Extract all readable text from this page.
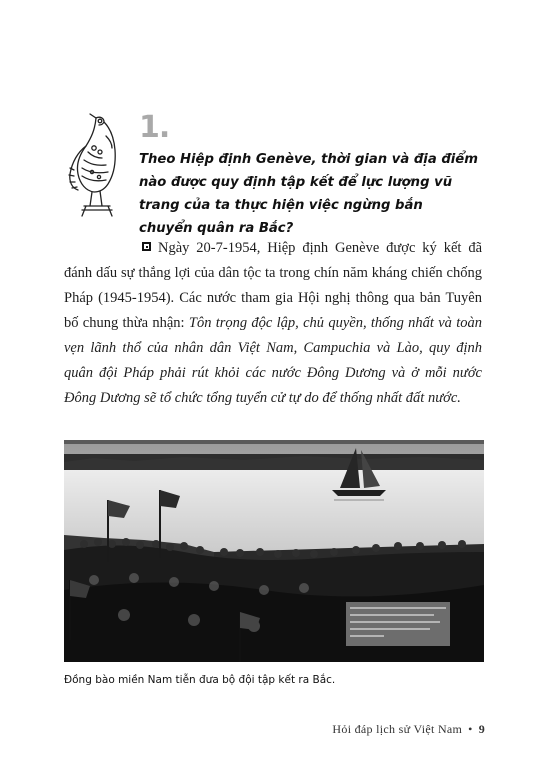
1.
Theo Hiệp định Genève, thời gian và địa điểm nào được quy định tập kết để lực lượng vũ trang của ta thực hiện việc ngừng bắn chuyển quân ra Bắc?
Ngày 20-7-1954, Hiệp định Genève được ký kết đã đánh dấu sự thắng lợi của dân tộc ta trong chín năm kháng chiến chống Pháp (1945-1954). Các nước tham gia Hội nghị thông qua bản Tuyên bố chung thừa nhận: Tôn trọng độc lập, chủ quyền, thống nhất và toàn vẹn lãnh thổ của nhân dân Việt Nam, Campuchia và Lào, quy định quân đội Pháp phải rút khỏi các nước Đông Dương và ở mỗi nước Đông Dương sẽ tổ chức tổng tuyển cử tự do để thống nhất đất nước.
Đồng bào miền Nam tiễn đưa bộ đội tập kết ra Bắc.
Hỏi đáp lịch sử Việt Nam • 9
